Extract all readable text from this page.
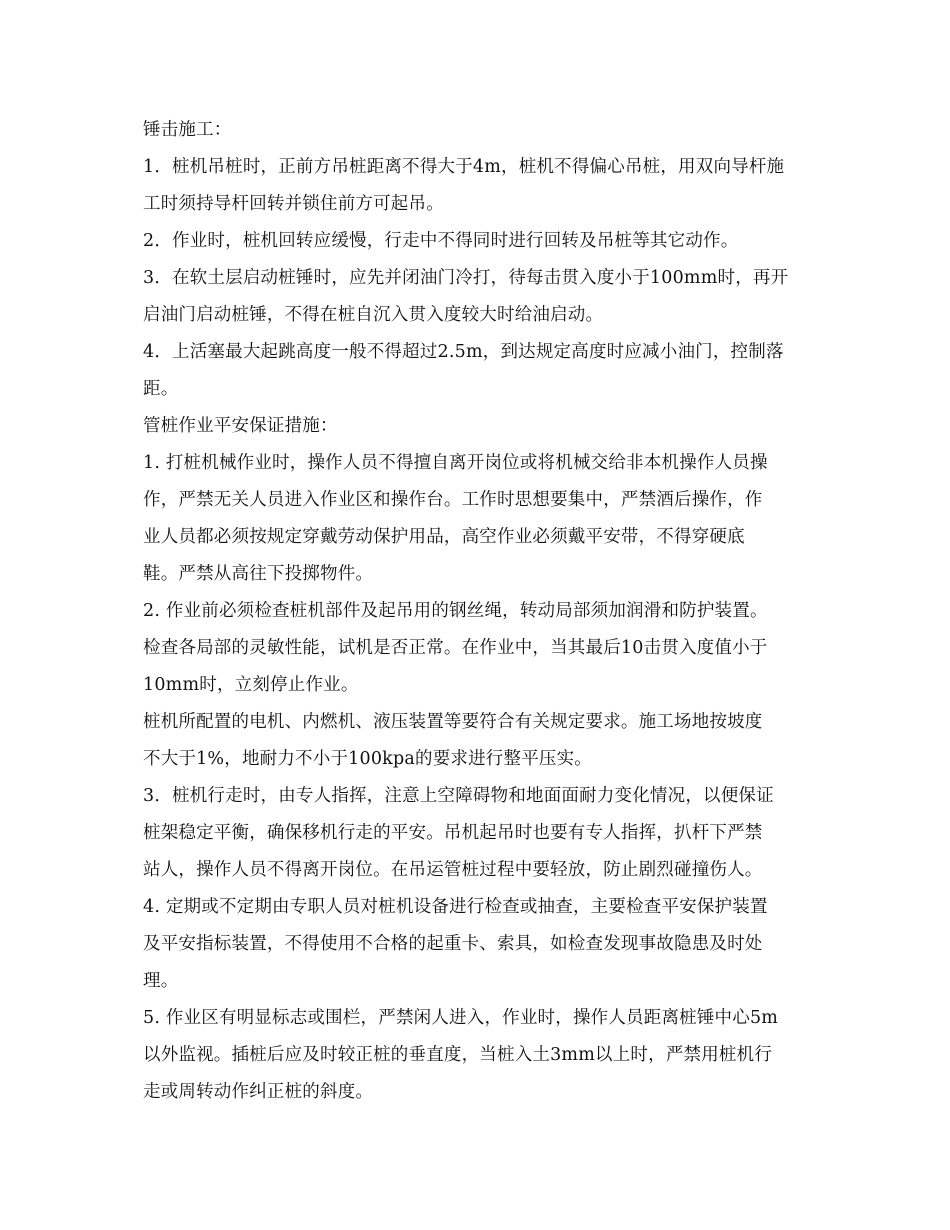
锤击施工：
1．桩机吊桩时，正前方吊桩距离不得大于4m，桩机不得偏心吊桩，用双向导杆施
工时须持导杆回转并锁住前方可起吊。
2．作业时，桩机回转应缓慢，行走中不得同时进行回转及吊桩等其它动作。
3．在软土层启动桩锤时，应先并闭油门冷打，待每击贯入度小于100mm时，再开
启油门启动桩锤，不得在桩自沉入贯入度较大时给油启动。
4．上活塞最大起跳高度一般不得超过2.5m，到达规定高度时应减小油门，控制落
距。
管桩作业平安保证措施：
1. 打桩机械作业时，操作人员不得擅自离开岗位或将机械交给非本机操作人员操
作，严禁无关人员进入作业区和操作台。工作时思想要集中，严禁酒后操作，作
业人员都必须按规定穿戴劳动保护用品，高空作业必须戴平安带，不得穿硬底
鞋。严禁从高往下投掷物件。
2. 作业前必须检查桩机部件及起吊用的钢丝绳，转动局部须加润滑和防护装置。
检查各局部的灵敏性能，试机是否正常。在作业中，当其最后10击贯入度值小于
10mm时，立刻停止作业。
桩机所配置的电机、内燃机、液压装置等要符合有关规定要求。施工场地按坡度
不大于1%，地耐力不小于100kpa的要求进行整平压实。
3．桩机行走时，由专人指挥，注意上空障碍物和地面面耐力变化情况，以便保证
桩架稳定平衡，确保移机行走的平安。吊机起吊时也要有专人指挥，扒杆下严禁
站人，操作人员不得离开岗位。在吊运管桩过程中要轻放，防止剧烈碰撞伤人。
4. 定期或不定期由专职人员对桩机设备进行检查或抽查，主要检查平安保护装置
及平安指标装置，不得使用不合格的起重卡、索具，如检查发现事故隐患及时处
理。
5. 作业区有明显标志或围栏，严禁闲人进入，作业时，操作人员距离桩锤中心5m
以外监视。插桩后应及时较正桩的垂直度，当桩入土3mm以上时，严禁用桩机行
走或周转动作纠正桩的斜度。
